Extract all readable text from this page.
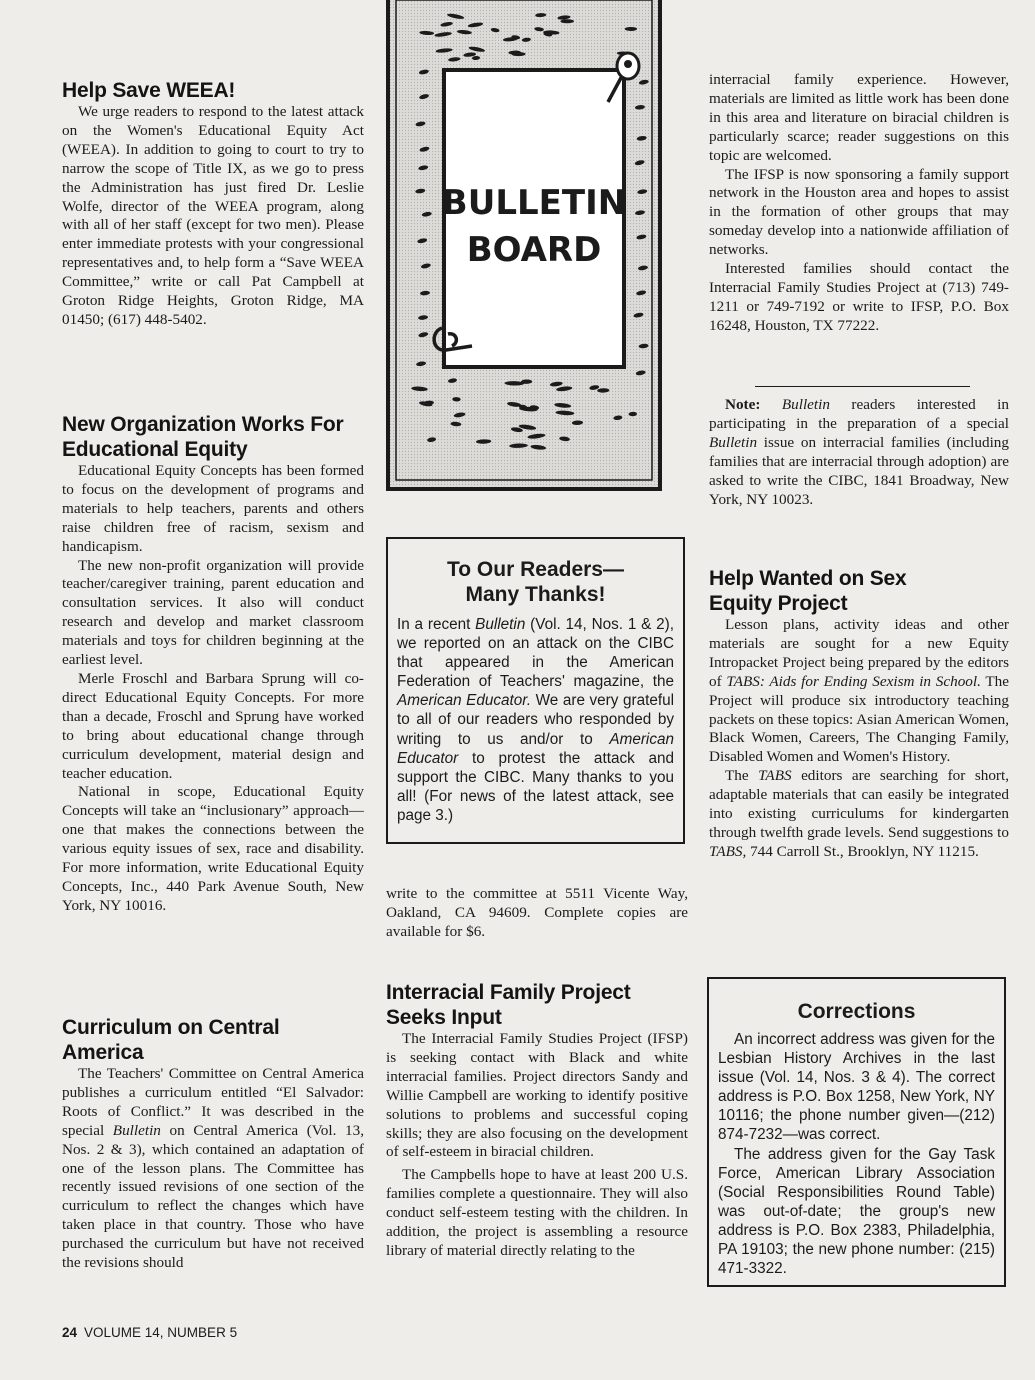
Help Save WEEA!

We urge readers to respond to the latest attack on the Women's Educational Equity Act (WEEA). In addition to going to court to try to narrow the scope of Title IX, as we go to press the Administration has just fired Dr. Leslie Wolfe, director of the WEEA program, along with all of her staff (except for two men). Please enter immediate protests with your congressional representatives and, to help form a “Save WEEA Committee,” write or call Pat Campbell at Groton Ridge Heights, Groton Ridge, MA 01450; (617) 448-5402.

New Organization Works For Educational Equity

Educational Equity Concepts has been formed to focus on the development of programs and materials to help teachers, parents and others raise children free of racism, sexism and handicapism.

The new non-profit organization will provide teacher/caregiver training, parent education and consultation services. It also will conduct research and develop and market classroom materials and toys for children beginning at the earliest level.

Merle Froschl and Barbara Sprung will co-direct Educational Equity Concepts. For more than a decade, Froschl and Sprung have worked to bring about educational change through curriculum development, material design and teacher education.

National in scope, Educational Equity Concepts will take an “inclusionary” approach—one that makes the connections between the various equity issues of sex, race and disability. For more information, write Educational Equity Concepts, Inc., 440 Park Avenue South, New York, NY 10016.

Curriculum on Central America

The Teachers' Committee on Central America publishes a curriculum entitled “El Salvador: Roots of Conflict.” It was described in the special Bulletin on Central America (Vol. 13, Nos. 2 & 3), which contained an adaptation of one of the lesson plans. The Committee has recently issued revisions of one section of the curriculum to reflect the changes which have taken place in that country. Those who have purchased the curriculum but have not received the revisions should

BULLETIN
BOARD
To Our Readers— Many Thanks!

In a recent Bulletin (Vol. 14, Nos. 1 & 2), we reported on an attack on the CIBC that appeared in the American Federation of Teachers' magazine, the American Educator. We are very grateful to all of our readers who responded by writing to us and/or to American Educator to protest the attack and support the CIBC. Many thanks to you all! (For news of the latest attack, see page 3.)

write to the committee at 5511 Vicente Way, Oakland, CA 94609. Complete copies are available for $6.

Interracial Family Project Seeks Input

The Interracial Family Studies Project (IFSP) is seeking contact with Black and white interracial families. Project directors Sandy and Willie Campbell are working to identify positive solutions to problems and successful coping skills; they are also focusing on the development of self-esteem in biracial children.

The Campbells hope to have at least 200 U.S. families complete a questionnaire. They will also conduct self-esteem testing with the children. In addition, the project is assembling a resource library of material directly relating to the

interracial family experience. However, materials are limited as little work has been done in this area and literature on biracial children is particularly scarce; reader suggestions on this topic are welcomed.

The IFSP is now sponsoring a family support network in the Houston area and hopes to assist in the formation of other groups that may someday develop into a nationwide affiliation of networks.

Interested families should contact the Interracial Family Studies Project at (713) 749-1211 or 749-7192 or write to IFSP, P.O. Box 16248, Houston, TX 77222.

Note: Bulletin readers interested in participating in the preparation of a special Bulletin issue on interracial families (including families that are interracial through adoption) are asked to write the CIBC, 1841 Broadway, New York, NY 10023.

Help Wanted on Sex Equity Project

Lesson plans, activity ideas and other materials are sought for a new Equity Intropacket Project being prepared by the editors of TABS: Aids for Ending Sexism in School. The Project will produce six introductory teaching packets on these topics: Asian American Women, Black Women, Careers, The Changing Family, Disabled Women and Women's History.

The TABS editors are searching for short, adaptable materials that can easily be integrated into existing curriculums for kindergarten through twelfth grade levels. Send suggestions to TABS, 744 Carroll St., Brooklyn, NY 11215.

Corrections

An incorrect address was given for the Lesbian History Archives in the last issue (Vol. 14, Nos. 3 & 4). The correct address is P.O. Box 1258, New York, NY 10116; the phone number given—(212) 874-7232—was correct.

The address given for the Gay Task Force, American Library Association (Social Responsibilities Round Table) was out-of-date; the group's new address is P.O. Box 2383, Philadelphia, PA 19103; the new phone number: (215) 471-3322.

24 VOLUME 14, NUMBER 5
